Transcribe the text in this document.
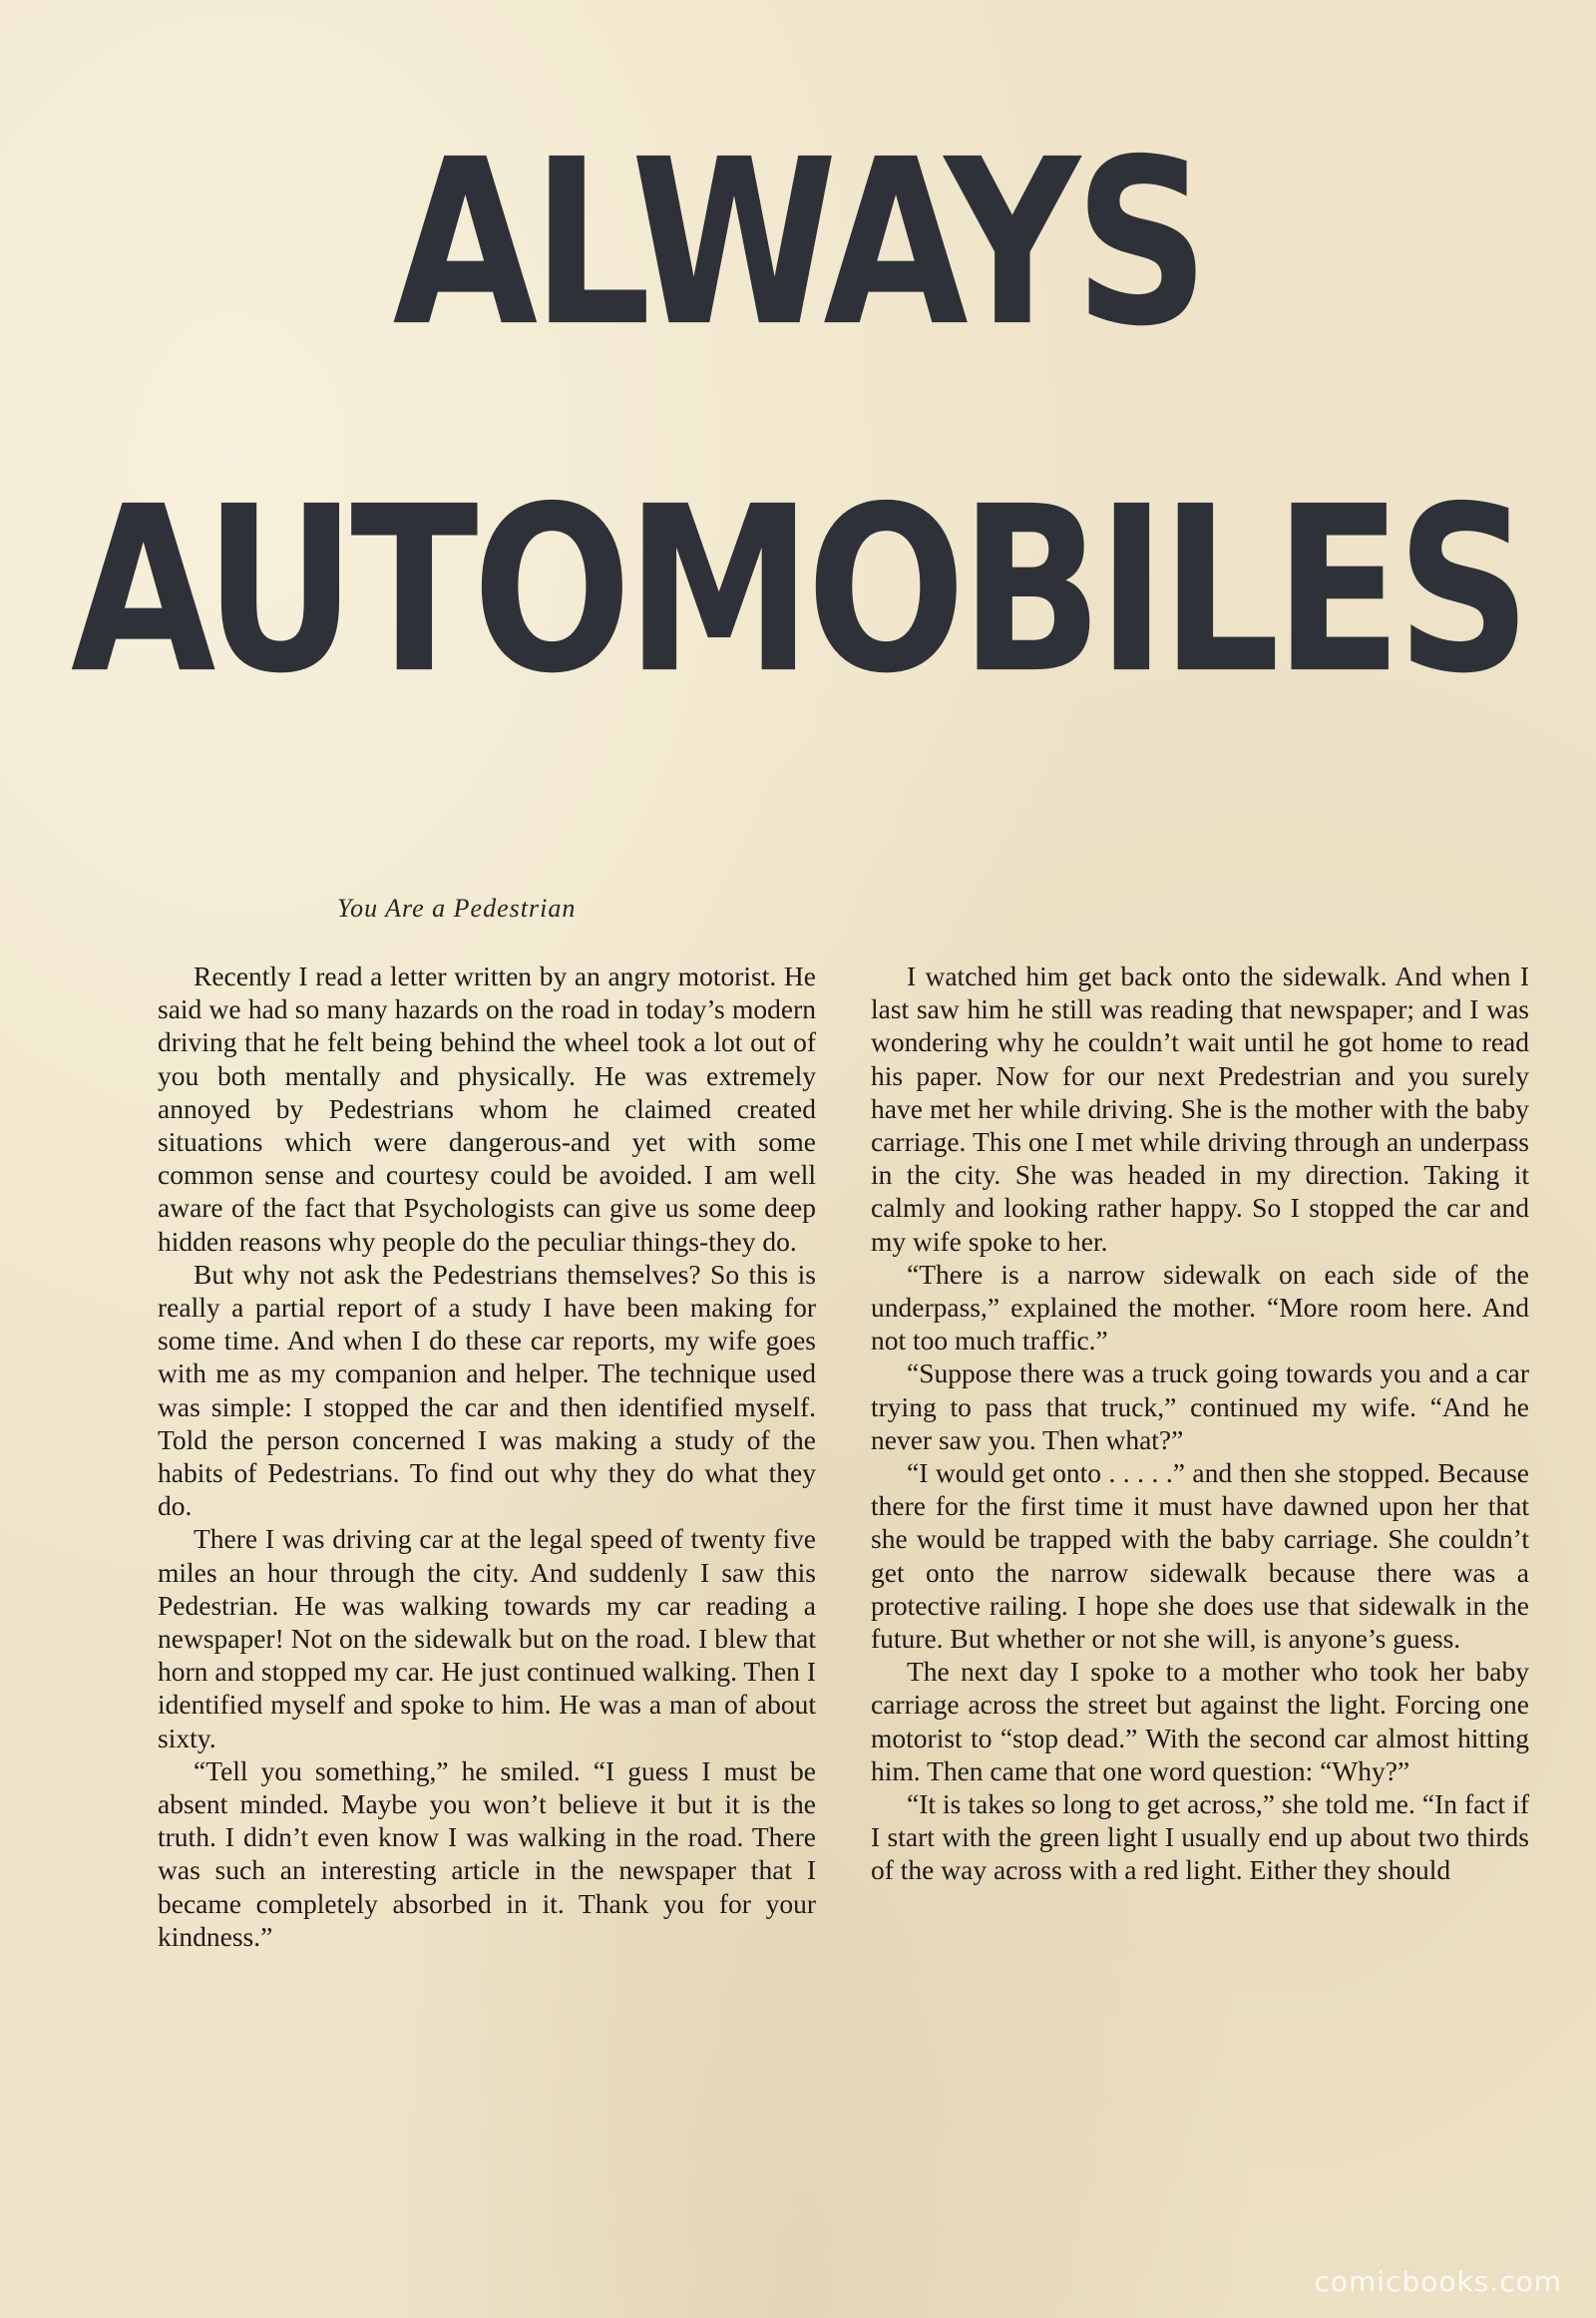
ALWAYS
AUTOMOBILES
You Are a Pedestrian

Recently I read a letter written by an angry motorist. He said we had so many hazards on the road in today’s modern driving that he felt being behind the wheel took a lot out of you both mentally and physically. He was extremely annoyed by Pedestrians whom he claimed created situations which were dangerous-and yet with some common sense and courtesy could be avoided. I am well aware of the fact that Psychologists can give us some deep hidden reasons why people do the peculiar things-they do.

But why not ask the Pedestrians themselves? So this is really a partial report of a study I have been making for some time. And when I do these car reports, my wife goes with me as my companion and helper. The technique used was simple: I stopped the car and then identified myself. Told the person concerned I was making a study of the habits of Pedestrians. To find out why they do what they do.

There I was driving car at the legal speed of twenty five miles an hour through the city. And suddenly I saw this Pedestrian. He was walking towards my car reading a newspaper! Not on the sidewalk but on the road. I blew that horn and stopped my car. He just continued walking. Then I identified myself and spoke to him. He was a man of about sixty.

“Tell you something,” he smiled. “I guess I must be absent minded. Maybe you won’t believe it but it is the truth. I didn’t even know I was walking in the road. There was such an interesting article in the newspaper that I became completely absorbed in it. Thank you for your kindness.”

I watched him get back onto the sidewalk. And when I last saw him he still was reading that newspaper; and I was wondering why he couldn’t wait until he got home to read his paper. Now for our next Predestrian and you surely have met her while driving. She is the mother with the baby carriage. This one I met while driving through an underpass in the city. She was headed in my direction. Taking it calmly and looking rather happy. So I stopped the car and my wife spoke to her.

“There is a narrow sidewalk on each side of the underpass,” explained the mother. “More room here. And not too much traffic.”

“Suppose there was a truck going towards you and a car trying to pass that truck,” continued my wife. “And he never saw you. Then what?”

“I would get onto . . . . .” and then she stopped. Because there for the first time it must have dawned upon her that she would be trapped with the baby carriage. She couldn’t get onto the narrow sidewalk because there was a protective railing. I hope she does use that sidewalk in the future. But whether or not she will, is anyone’s guess.

The next day I spoke to a mother who took her baby carriage across the street but against the light. Forcing one motorist to “stop dead.” With the second car almost hitting him. Then came that one word question: “Why?”

“It is takes so long to get across,” she told me. “In fact if I start with the green light I usually end up about two thirds of the way across with a red light. Either they should

comicbooks.com
